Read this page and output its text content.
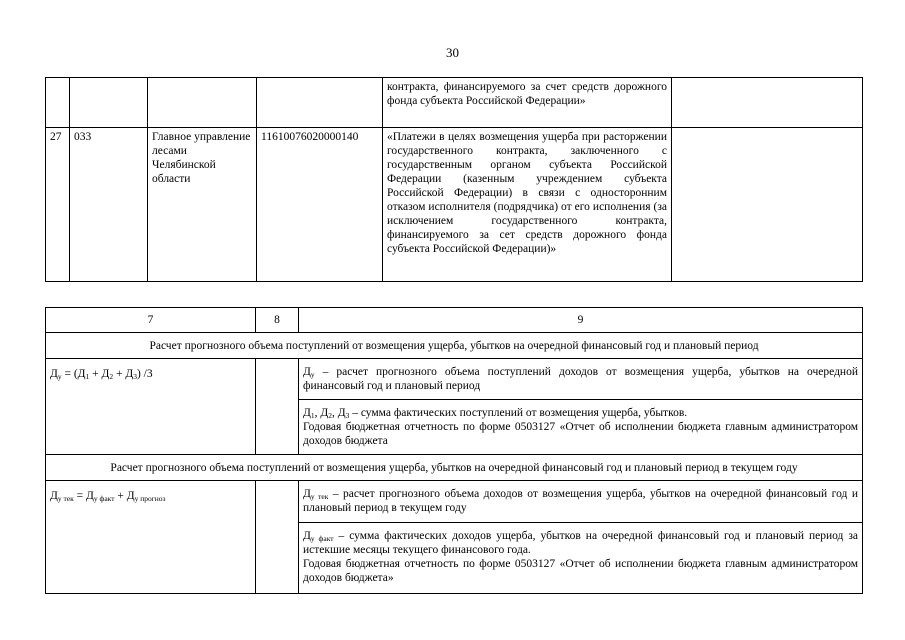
30
				контракта, финансируемого за счет средств дорожного фонда субъекта Российской Федерации»	
27	033	Главное управление лесами Челябинской области	11610076020000140	«Платежи в целях возмещения ущерба при расторжении государственного контракта, заключенного с государственным органом субъекта Российской Федерации (казенным учреждением субъекта Российской Федерации) в связи с односторонним отказом исполнителя (подрядчика) от его исполнения (за исключением государственного контракта, финансируемого за сет средств дорожного фонда субъекта Российской Федерации)»	
7	8	9
Расчет прогнозного объема поступлений от возмещения ущерба, убытков на очередной финансовый год и плановый период		
$Д_у = (Д_1 + Д_2 + Д_3)$ /3		$Д_у$ – расчет прогнозного объема поступлений доходов от возмещения ущерба, убытков на очередной финансовый год и плановый период

		$Д_1$, $Д_2$, $Д_3$ – сумма фактических поступлений от возмещения ущерба, убытков.
Годовая бюджетная отчетность по форме 0503127 «Отчет об исполнении бюджета главным администратором доходов бюджета

Расчет прогнозного объема поступлений от возмещения ущерба, убытков на очередной финансовый год и плановый период в текущем году		
$Д_{у тек} = Д_{у факт} + Д_{у прогноз}$		$Д_{у тек}$ – расчет прогнозного объема доходов от возмещения ущерба, убытков на очередной финансовый год и плановый период в текущем году

		$Д_{у факт}$ – сумма фактических доходов ущерба, убытков на очередной финансовый год и плановый период за истекшие месяцы текущего финансового года.
Годовая бюджетная отчетность по форме 0503127 «Отчет об исполнении бюджета главным администратором доходов бюджета»
